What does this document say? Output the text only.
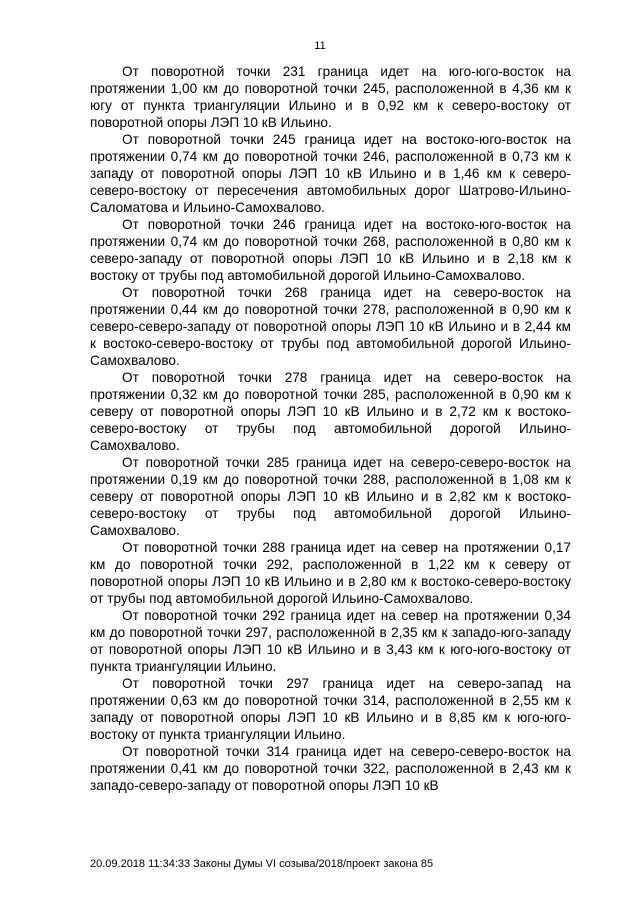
11

От поворотной точки 231 граница идет на юго-юго-восток на протяжении 1,00 км до поворотной точки 245, расположенной в 4,36 км к югу от пункта триангуляции Ильино и в 0,92 км к северо-востоку от поворотной опоры ЛЭП 10 кВ Ильино.

От поворотной точки 245 граница идет на востоко-юго-восток на протяжении 0,74 км до поворотной точки 246, расположенной в 0,73 км к западу от поворотной опоры ЛЭП 10 кВ Ильино и в 1,46 км к северо-северо-востоку от пересечения автомобильных дорог Шатрово-Ильино-Саломатова и Ильино-Самохвалово.

От поворотной точки 246 граница идет на востоко-юго-восток на протяжении 0,74 км до поворотной точки 268, расположенной в 0,80 км к северо-западу от поворотной опоры ЛЭП 10 кВ Ильино и в 2,18 км к востоку от трубы под автомобильной дорогой Ильино-Самохвалово.

От поворотной точки 268 граница идет на северо-восток на протяжении 0,44 км до поворотной точки 278, расположенной в 0,90 км к северо-северо-западу от поворотной опоры ЛЭП 10 кВ Ильино и в 2,44 км к востоко-северо-востоку от трубы под автомобильной дорогой Ильино-Самохвалово.

От поворотной точки 278 граница идет на северо-восток на протяжении 0,32 км до поворотной точки 285, расположенной в 0,90 км к северу от поворотной опоры ЛЭП 10 кВ Ильино и в 2,72 км к востоко-северо-востоку от трубы под автомобильной дорогой Ильино-Самохвалово.

От поворотной точки 285 граница идет на северо-северо-восток на протяжении 0,19 км до поворотной точки 288, расположенной в 1,08 км к северу от поворотной опоры ЛЭП 10 кВ Ильино и в 2,82 км к востоко-северо-востоку от трубы под автомобильной дорогой Ильино-Самохвалово.

От поворотной точки 288 граница идет на север на протяжении 0,17 км до поворотной точки 292, расположенной в 1,22 км к северу от поворотной опоры ЛЭП 10 кВ Ильино и в 2,80 км к востоко-северо-востоку от трубы под автомобильной дорогой Ильино-Самохвалово.

От поворотной точки 292 граница идет на север на протяжении 0,34 км до поворотной точки 297, расположенной в 2,35 км к западо-юго-западу от поворотной опоры ЛЭП 10 кВ Ильино и в 3,43 км к юго-юго-востоку от пункта триангуляции Ильино.

От поворотной точки 297 граница идет на северо-запад на протяжении 0,63 км до поворотной точки 314, расположенной в 2,55 км к западу от поворотной опоры ЛЭП 10 кВ Ильино и в 8,85 км к юго-юго-востоку от пункта триангуляции Ильино.

От поворотной точки 314 граница идет на северо-северо-восток на протяжении 0,41 км до поворотной точки 322, расположенной в 2,43 км к западо-северо-западу от поворотной опоры ЛЭП 10 кВ

20.09.2018 11:34:33 Законы Думы VI созыва/2018/проект закона 85
